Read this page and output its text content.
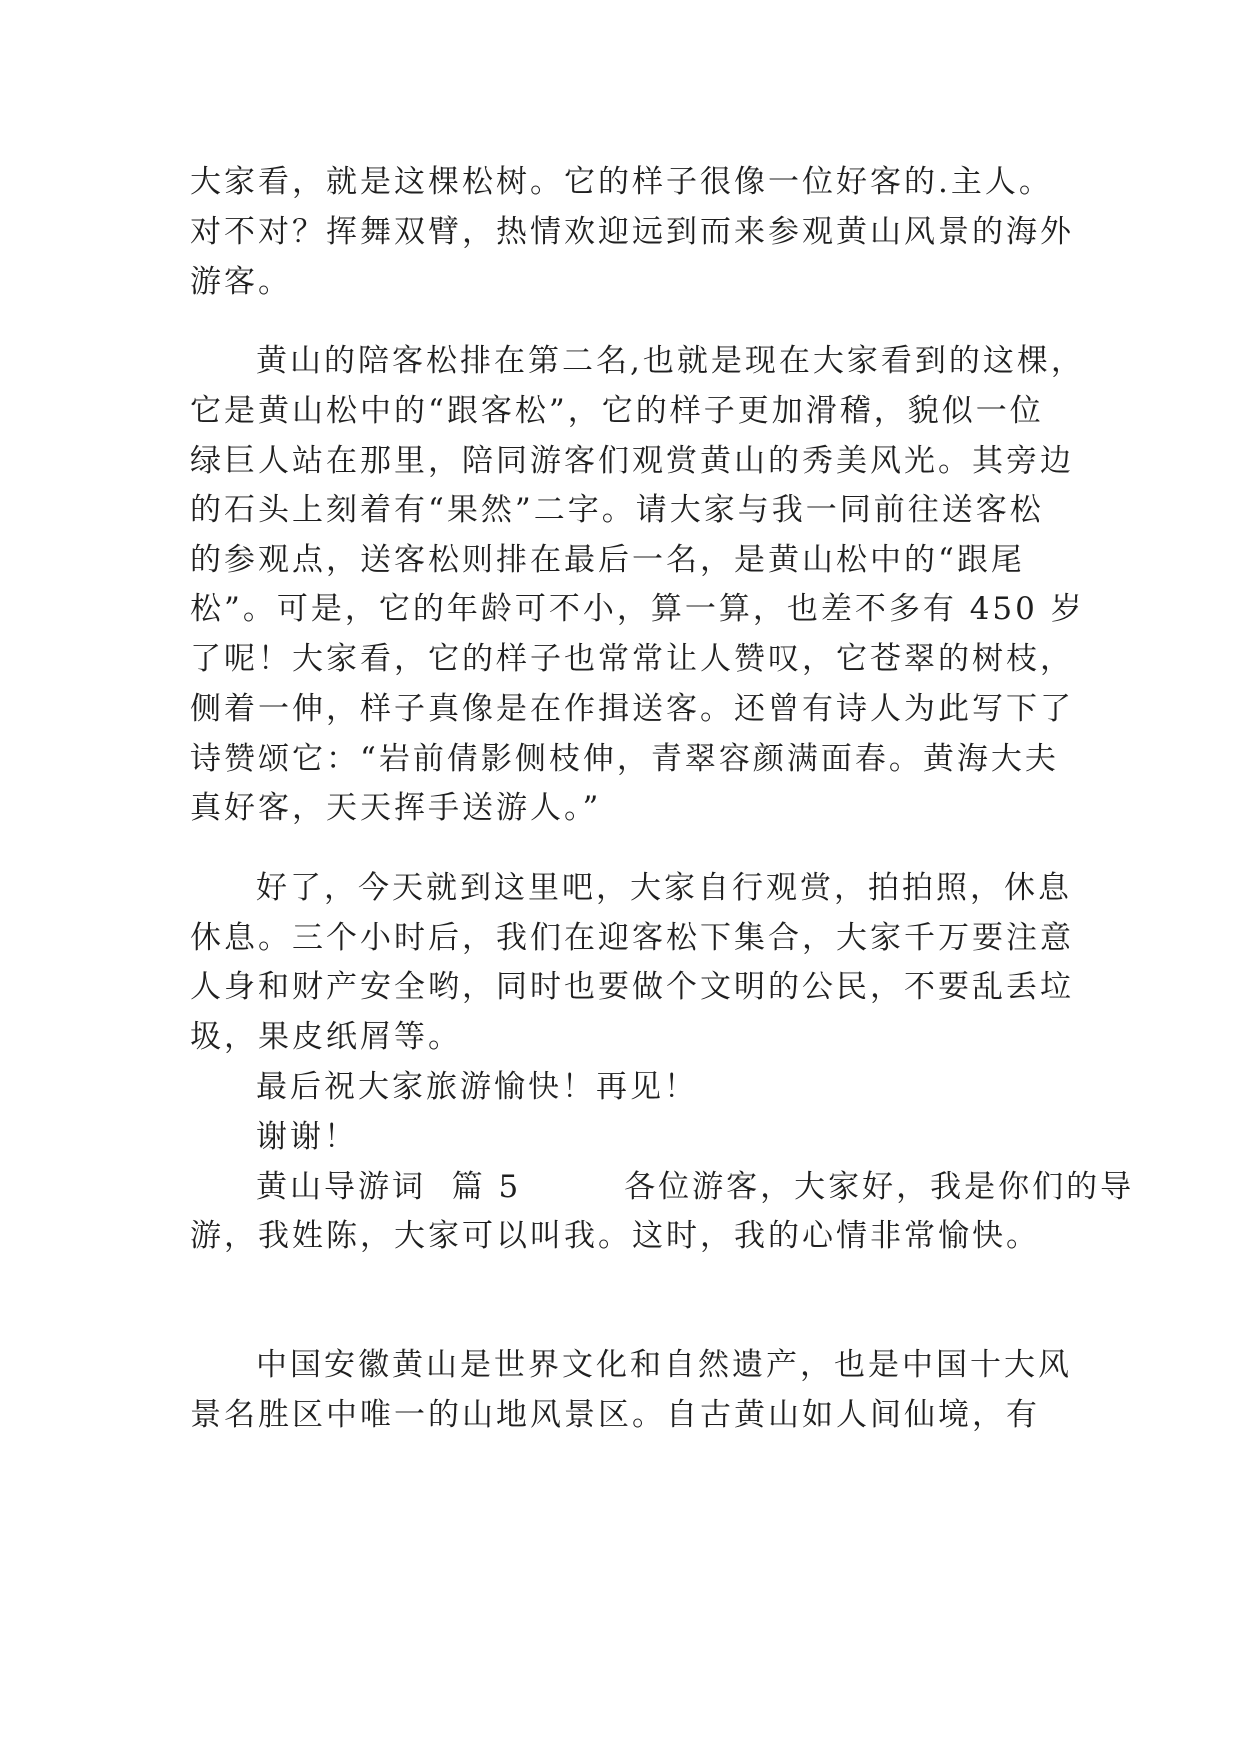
大家看，就是这棵松树。它的样子很像一位好客的.主人。
对不对？挥舞双臂，热情欢迎远到而来参观黄山风景的海外
游客。
黄山的陪客松排在第二名,也就是现在大家看到的这棵，
它是黄山松中的“跟客松”，它的样子更加滑稽，貌似一位
绿巨人站在那里，陪同游客们观赏黄山的秀美风光。其旁边
的石头上刻着有“果然”二字。请大家与我一同前往送客松
的参观点，送客松则排在最后一名，是黄山松中的“跟尾
松”。可是，它的年龄可不小，算一算，也差不多有 450 岁
了呢！大家看，它的样子也常常让人赞叹，它苍翠的树枝，
侧着一伸，样子真像是在作揖送客。还曾有诗人为此写下了
诗赞颂它：“岩前倩影侧枝伸，青翠容颜满面春。黄海大夫
真好客，天天挥手送游人。”
好了，今天就到这里吧，大家自行观赏，拍拍照，休息
休息。三个小时后，我们在迎客松下集合，大家千万要注意
人身和财产安全哟，同时也要做个文明的公民，不要乱丢垃
圾，果皮纸屑等。
最后祝大家旅游愉快！再见！
谢谢！
黄山导游词  篇 5        各位游客，大家好，我是你们的导
游，我姓陈，大家可以叫我。这时，我的心情非常愉快。
中国安徽黄山是世界文化和自然遗产，也是中国十大风
景名胜区中唯一的山地风景区。自古黄山如人间仙境，有
